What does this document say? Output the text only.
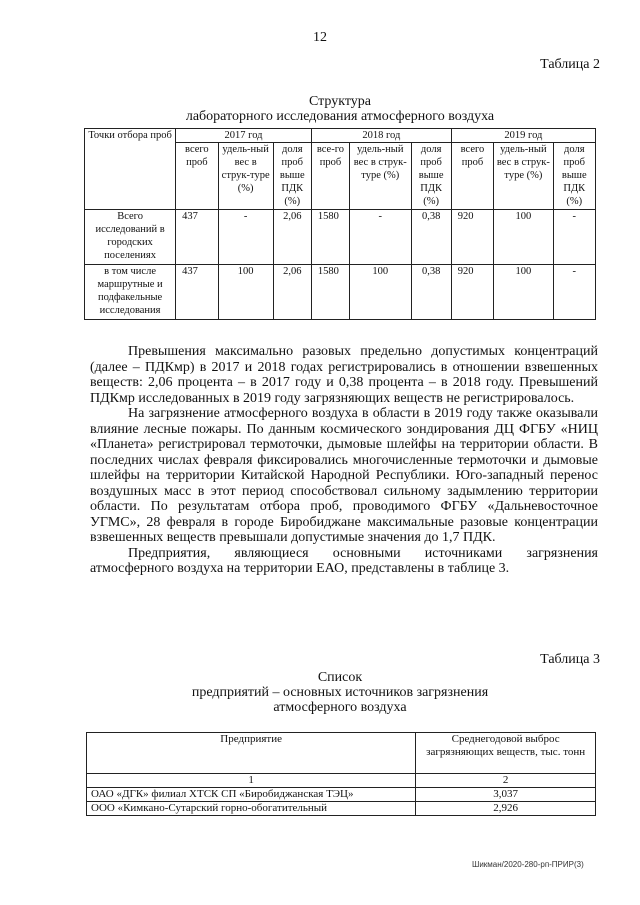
12
Таблица 2
Структура
лабораторного исследования атмосферного воздуха
Точки отбора проб	2017 год			2018 год			2019 год		
	всего проб	удель-ный вес в струк-туре (%)	доля проб выше ПДК (%)	все-го проб	удель-ный вес в струк-туре (%)	доля проб выше ПДК (%)	всего проб	удель-ный вес в струк-туре (%)	доля проб выше ПДК (%)
Всего исследований в городских поселениях	437	-	2,06	1580	-	0,38	920	100	-
в том числе маршрутные и подфакельные исследования	437	100	2,06	1580	100	0,38	920	100	-

Превышения максимально разовых предельно допустимых концентраций (далее – ПДКмр) в 2017 и 2018 годах регистрировались в отношении взвешенных веществ: 2,06 процента – в 2017 году и 0,38 процента – в 2018 году. Превышений ПДКмр исследованных в 2019 году загрязняющих веществ не регистрировалось.

На загрязнение атмосферного воздуха в области в 2019 году также оказывали влияние лесные пожары. По данным космического зондирования ДЦ ФГБУ «НИЦ «Планета» регистрировал термоточки, дымовые шлейфы на территории области. В последних числах февраля фиксировались многочисленные термоточки и дымовые шлейфы на территории Китайской Народной Республики. Юго-западный перенос воздушных масс в этот период способствовал сильному задымлению территории области. По результатам отбора проб, проводимого ФГБУ «Дальневосточное УГМС», 28 февраля в городе Биробиджане максимальные разовые концентрации взвешенных веществ превышали допустимые значения до 1,7 ПДК.

Предприятия, являющиеся основными источниками загрязнения атмосферного воздуха на территории ЕАО, представлены в таблице 3.

Таблица 3
Список
предприятий – основных источников загрязнения
атмосферного воздуха
Предприятие	Среднегодовой выброс загрязняющих веществ, тыс. тонн
1	2
ОАО «ДГК» филиал ХТСК СП «Биробиджанская ТЭЦ»	3,037
ООО «Кимкано-Сутарский горно-обогатительный	2,926
Шикман/2020-280-рп-ПРИР(3)
